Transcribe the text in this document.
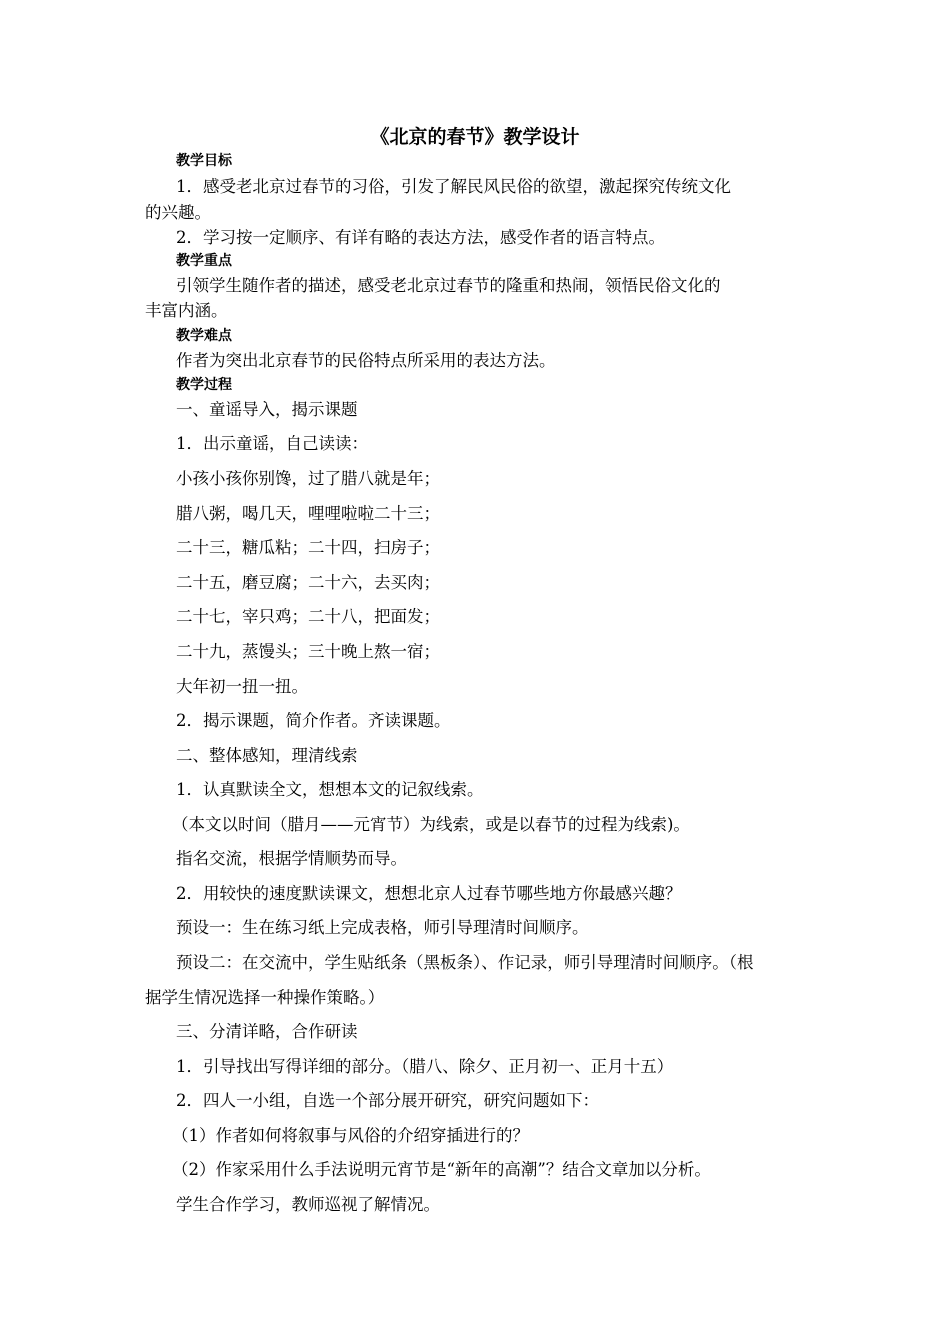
《北京的春节》教学设计
教学目标
1．感受老北京过春节的习俗，引发了解民风民俗的欲望，激起探究传统文化
的兴趣。
2．学习按一定顺序、有详有略的表达方法，感受作者的语言特点。
教学重点
引领学生随作者的描述，感受老北京过春节的隆重和热闹，领悟民俗文化的
丰富内涵。
教学难点
作者为突出北京春节的民俗特点所采用的表达方法。
教学过程
一、童谣导入，揭示课题
1．出示童谣，自己读读：
小孩小孩你别馋，过了腊八就是年；
腊八粥，喝几天，哩哩啦啦二十三；
二十三，糖瓜粘；二十四，扫房子；
二十五，磨豆腐；二十六，去买肉；
二十七，宰只鸡；二十八，把面发；
二十九，蒸馒头；三十晚上熬一宿；
大年初一扭一扭。
2．揭示课题，简介作者。齐读课题。
二、整体感知，理清线索
1．认真默读全文，想想本文的记叙线索。
（本文以时间（腊月——元宵节）为线索，或是以春节的过程为线索)。
指名交流，根据学情顺势而导。
2．用较快的速度默读课文，想想北京人过春节哪些地方你最感兴趣？
预设一：生在练习纸上完成表格，师引导理清时间顺序。
预设二：在交流中，学生贴纸条（黑板条）、作记录，师引导理清时间顺序。（根
据学生情况选择一种操作策略。）
三、分清详略，合作研读
1．引导找出写得详细的部分。（腊八、除夕、正月初一、正月十五）
2．四人一小组，自选一个部分展开研究，研究问题如下：
（1）作者如何将叙事与风俗的介绍穿插进行的？
（2）作家采用什么手法说明元宵节是“新年的高潮”？结合文章加以分析。
学生合作学习，教师巡视了解情况。
